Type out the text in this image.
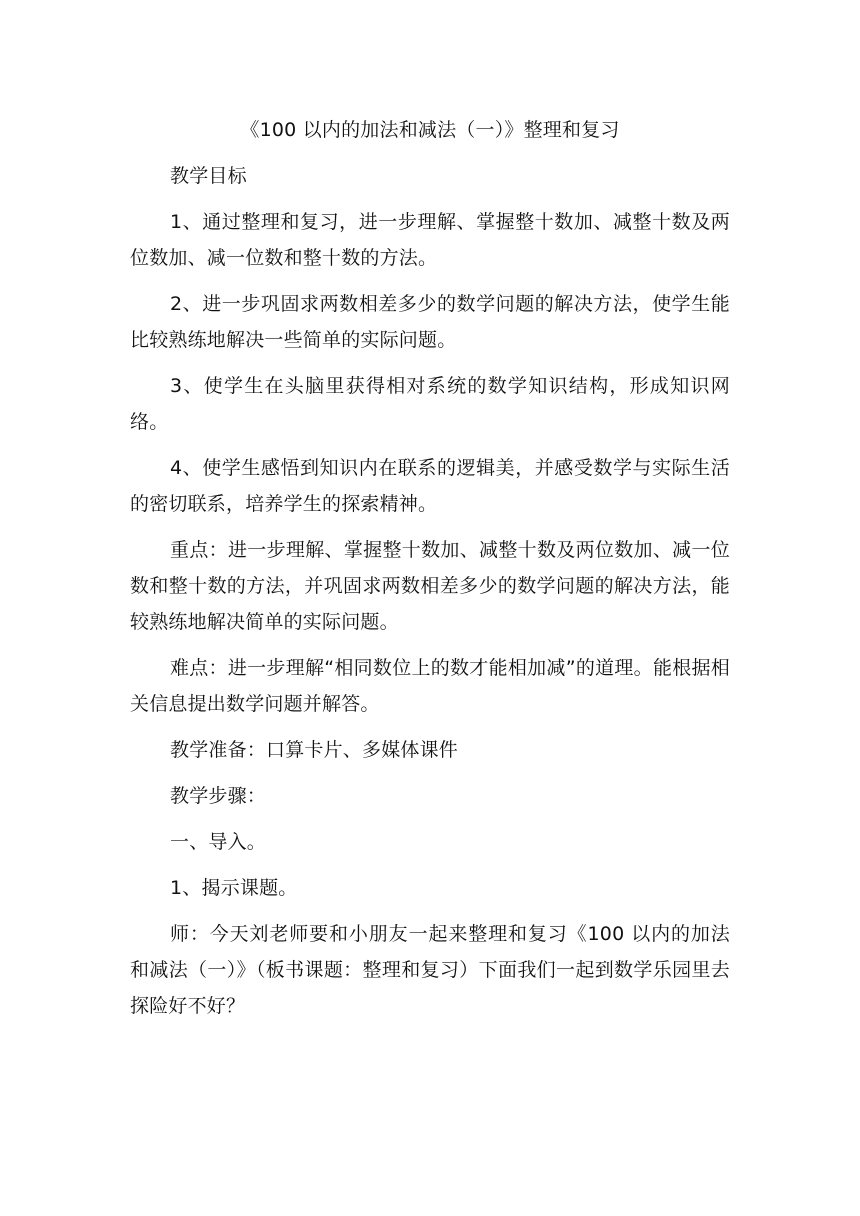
《100 以内的加法和减法（一）》整理和复习

教学目标

1、通过整理和复习，进一步理解、掌握整十数加、减整十数及两位数加、减一位数和整十数的方法。

2、进一步巩固求两数相差多少的数学问题的解决方法，使学生能比较熟练地解决一些简单的实际问题。

3、使学生在头脑里获得相对系统的数学知识结构，形成知识网络。

4、使学生感悟到知识内在联系的逻辑美，并感受数学与实际生活的密切联系，培养学生的探索精神。

重点：进一步理解、掌握整十数加、减整十数及两位数加、减一位数和整十数的方法，并巩固求两数相差多少的数学问题的解决方法，能较熟练地解决简单的实际问题。

难点：进一步理解“相同数位上的数才能相加减”的道理。能根据相关信息提出数学问题并解答。

教学准备：口算卡片、多媒体课件

教学步骤：

一、导入。

1、揭示课题。

师：今天刘老师要和小朋友一起来整理和复习《100 以内的加法和减法（一）》（板书课题：整理和复习）下面我们一起到数学乐园里去探险好不好？
